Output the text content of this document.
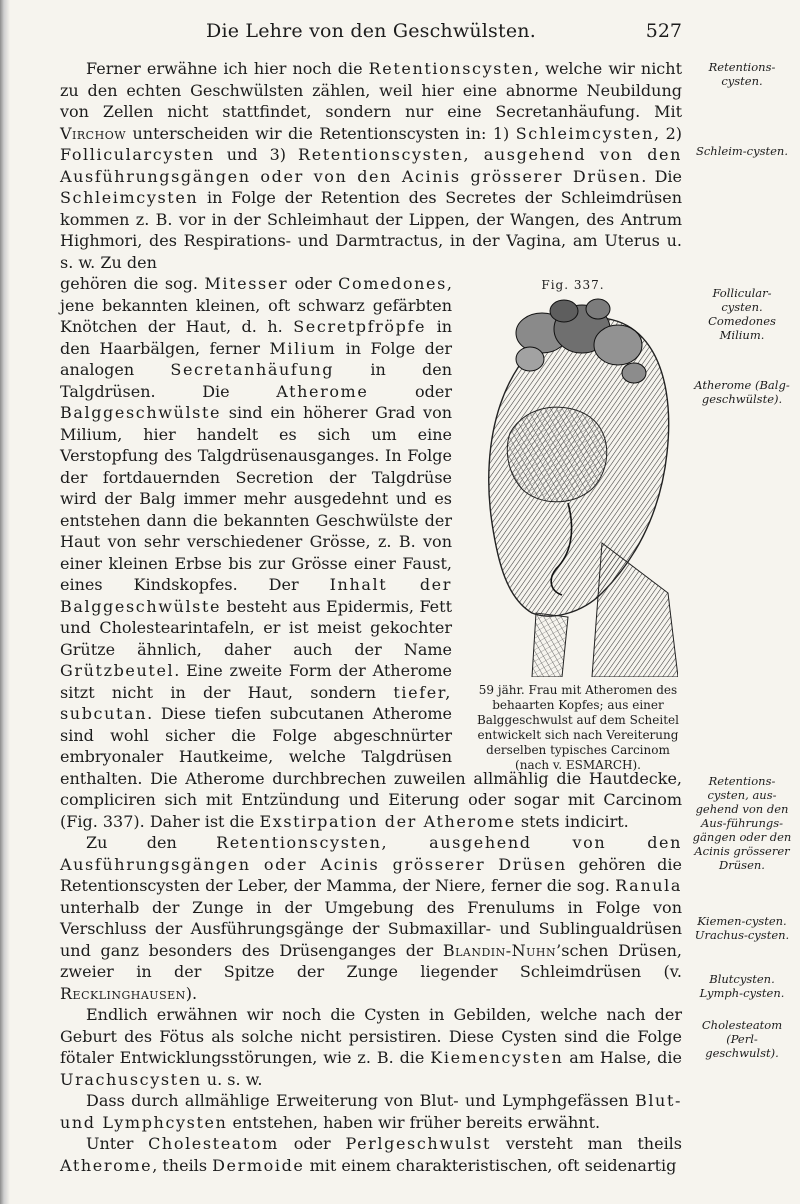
Die Lehre von den Geschwülsten.	527

Ferner erwähne ich hier noch die Retentionscysten, welche wir nicht zu den echten Geschwülsten zählen, weil hier eine abnorme Neubildung von Zellen nicht stattfindet, sondern nur eine Secretanhäufung. Mit Virchow unterscheiden wir die Retentionscysten in: 1) Schleimcysten, 2) Follicularcysten und 3) Retentionscysten, ausgehend von den Ausführungsgängen oder von den Acinis grösserer Drüsen. Die Schleimcysten in Folge der Retention des Secretes der Schleimdrüsen kommen z. B. vor in der Schleimhaut der Lippen, der Wangen, des Antrum Highmori, des Respirations- und Darmtractus, in der Vagina, am Uterus u. s. w. Zu den

Fig. 337.
59 jähr. Frau mit Atheromen des behaarten Kopfes; aus einer Balggeschwulst auf dem Scheitel entwickelt sich nach Vereiterung derselben typisches Carcinom (nach v. ESMARCH).
gehören die sog. Mitesser oder Comedones, jene bekannten kleinen, oft schwarz gefärbten Knötchen der Haut, d. h. Secretpfröpfe in den Haarbälgen, ferner Milium in Folge der analogen Secretanhäufung in den Talgdrüsen. Die Atherome oder Balggeschwülste sind ein höherer Grad von Milium, hier handelt es sich um eine Verstopfung des Talgdrüsenausganges. In Folge der fortdauernden Secretion der Talgdrüse wird der Balg immer mehr ausgedehnt und es entstehen dann die bekannten Geschwülste der Haut von sehr verschiedener Grösse, z. B. von einer kleinen Erbse bis zur Grösse einer Faust, eines Kindskopfes. Der Inhalt der Balggeschwülste besteht aus Epidermis, Fett und Cholestearintafeln, er ist meist gekochter Grütze ähnlich, daher auch der Name Grützbeutel. Eine zweite Form der Atherome sitzt nicht in der Haut, sondern tiefer, subcutan. Diese tiefen subcutanen Atherome sind wohl sicher die Folge abgeschnürter embryonaler Hautkeime, welche Talgdrüsen enthalten. Die Atherome durchbrechen zuweilen allmählig die Hautdecke, compliciren sich mit Entzündung und Eiterung oder sogar mit Carcinom (Fig. 337). Daher ist die Exstirpation der Atherome stets indicirt.

Zu den Retentionscysten, ausgehend von den Ausführungsgängen oder Acinis grösserer Drüsen gehören die Retentionscysten der Leber, der Mamma, der Niere, ferner die sog. Ranula unterhalb der Zunge in der Umgebung des Frenulums in Folge von Verschluss der Ausführungsgänge der Submaxillar- und Sublingualdrüsen und ganz besonders des Drüsenganges der Blandin-Nuhn’schen Drüsen, zweier in der Spitze der Zunge liegender Schleimdrüsen (v. Recklinghausen).

Endlich erwähnen wir noch die Cysten in Gebilden, welche nach der Geburt des Fötus als solche nicht persistiren. Diese Cysten sind die Folge fötaler Entwicklungsstörungen, wie z. B. die Kiemencysten am Halse, die Urachuscysten u. s. w.

Dass durch allmählige Erweiterung von Blut- und Lymphgefässen Blut- und Lymphcysten entstehen, haben wir früher bereits erwähnt.

Unter Cholesteatom oder Perlgeschwulst versteht man theils Atherome, theils Dermoide mit einem charakteristischen, oft seidenartig

Retentions-cysten.
Schleim-cysten.
Follicular-cysten. Comedones Milium.
Atherome (Balg-geschwülste).
Retentions-cysten, aus-gehend von den Aus-führungs-gängen oder den Acinis grösserer Drüsen.
Kiemen-cysten. Urachus-cysten.
Blutcysten. Lymph-cysten.
Cholesteatom (Perl-geschwulst).
